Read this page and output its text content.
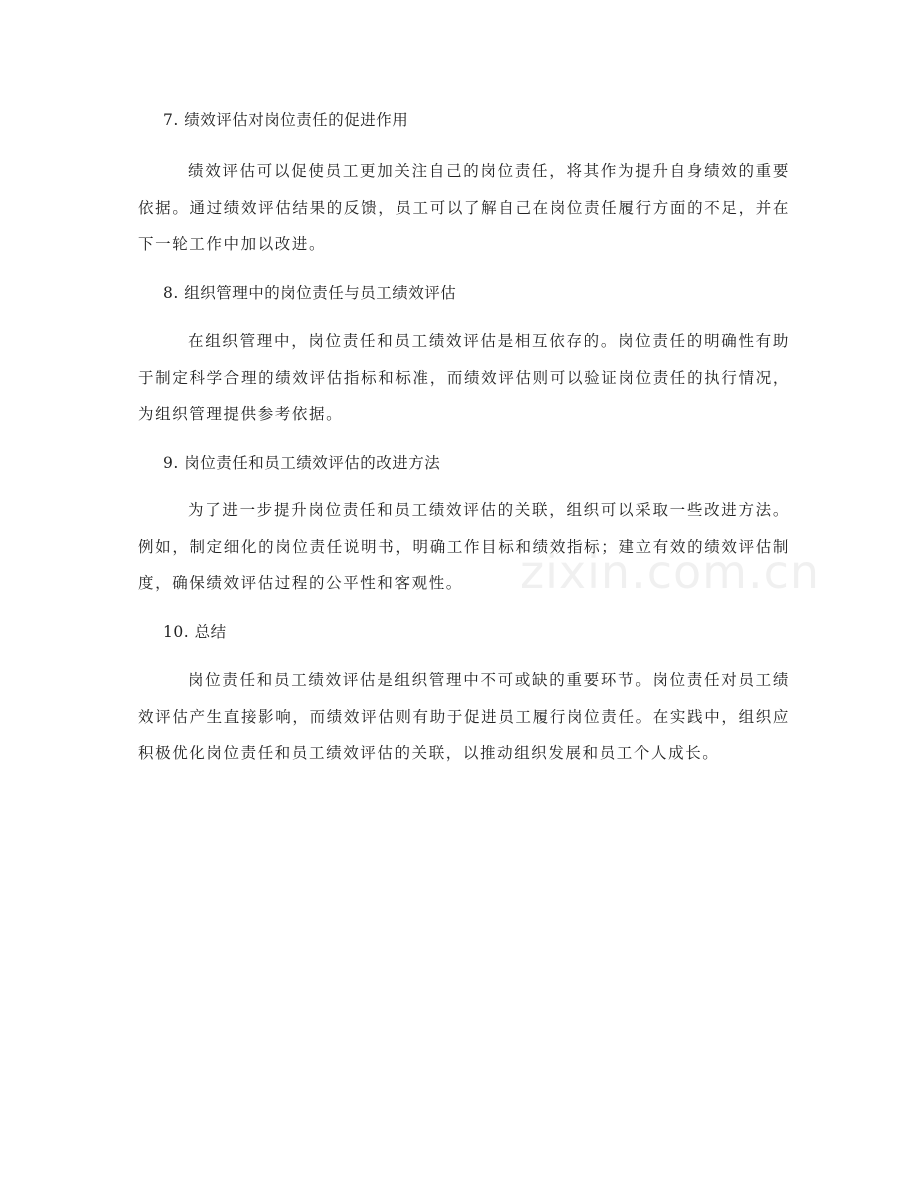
7. 绩效评估对岗位责任的促进作用
绩效评估可以促使员工更加关注自己的岗位责任，将其作为提升自身绩效的重要依据。通过绩效评估结果的反馈，员工可以了解自己在岗位责任履行方面的不足，并在下一轮工作中加以改进。
8. 组织管理中的岗位责任与员工绩效评估
在组织管理中，岗位责任和员工绩效评估是相互依存的。岗位责任的明确性有助于制定科学合理的绩效评估指标和标准，而绩效评估则可以验证岗位责任的执行情况，为组织管理提供参考依据。
9. 岗位责任和员工绩效评估的改进方法
为了进一步提升岗位责任和员工绩效评估的关联，组织可以采取一些改进方法。例如，制定细化的岗位责任说明书，明确工作目标和绩效指标；建立有效的绩效评估制度，确保绩效评估过程的公平性和客观性。
10. 总结
岗位责任和员工绩效评估是组织管理中不可或缺的重要环节。岗位责任对员工绩效评估产生直接影响，而绩效评估则有助于促进员工履行岗位责任。在实践中，组织应积极优化岗位责任和员工绩效评估的关联，以推动组织发展和员工个人成长。
zixin.com.cn
